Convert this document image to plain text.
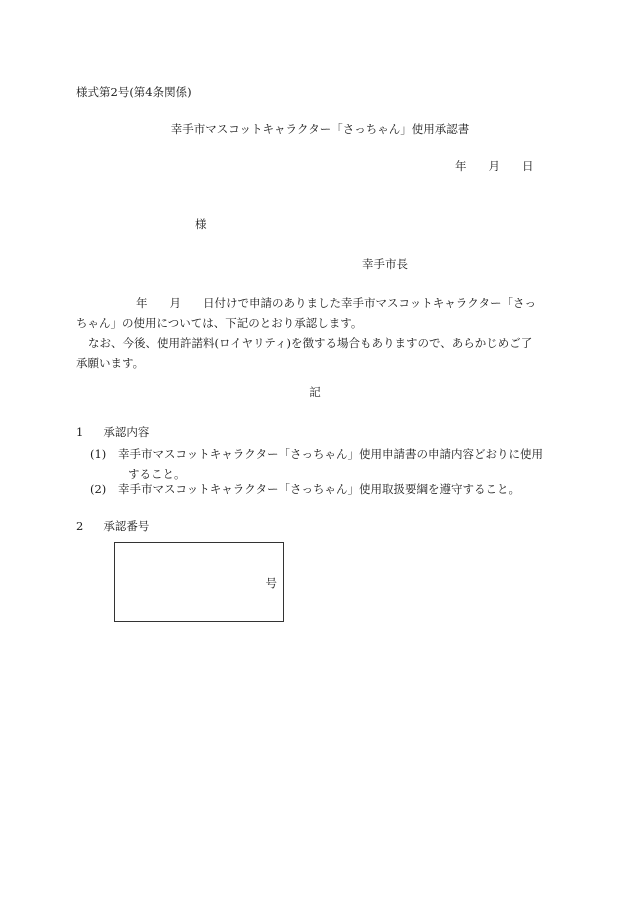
様式第2号(第4条関係)
幸手市マスコットキャラクター「さっちゃん」使用承認書
年 月 日
様
幸手市長
年 月 日付けで申請のありました幸手市マスコットキャラクター「さっ
ちゃん」の使用については、下記のとおり承認します。
なお、今後、使用許諾料(ロイヤリティ)を徴する場合もありますので、あらかじめご了
承願います。
記
1 承認内容
(1) 幸手市マスコットキャラクター「さっちゃん」使用申請書の申請内容どおりに使用
すること。
(2) 幸手市マスコットキャラクター「さっちゃん」使用取扱要綱を遵守すること。
2 承認番号
号
